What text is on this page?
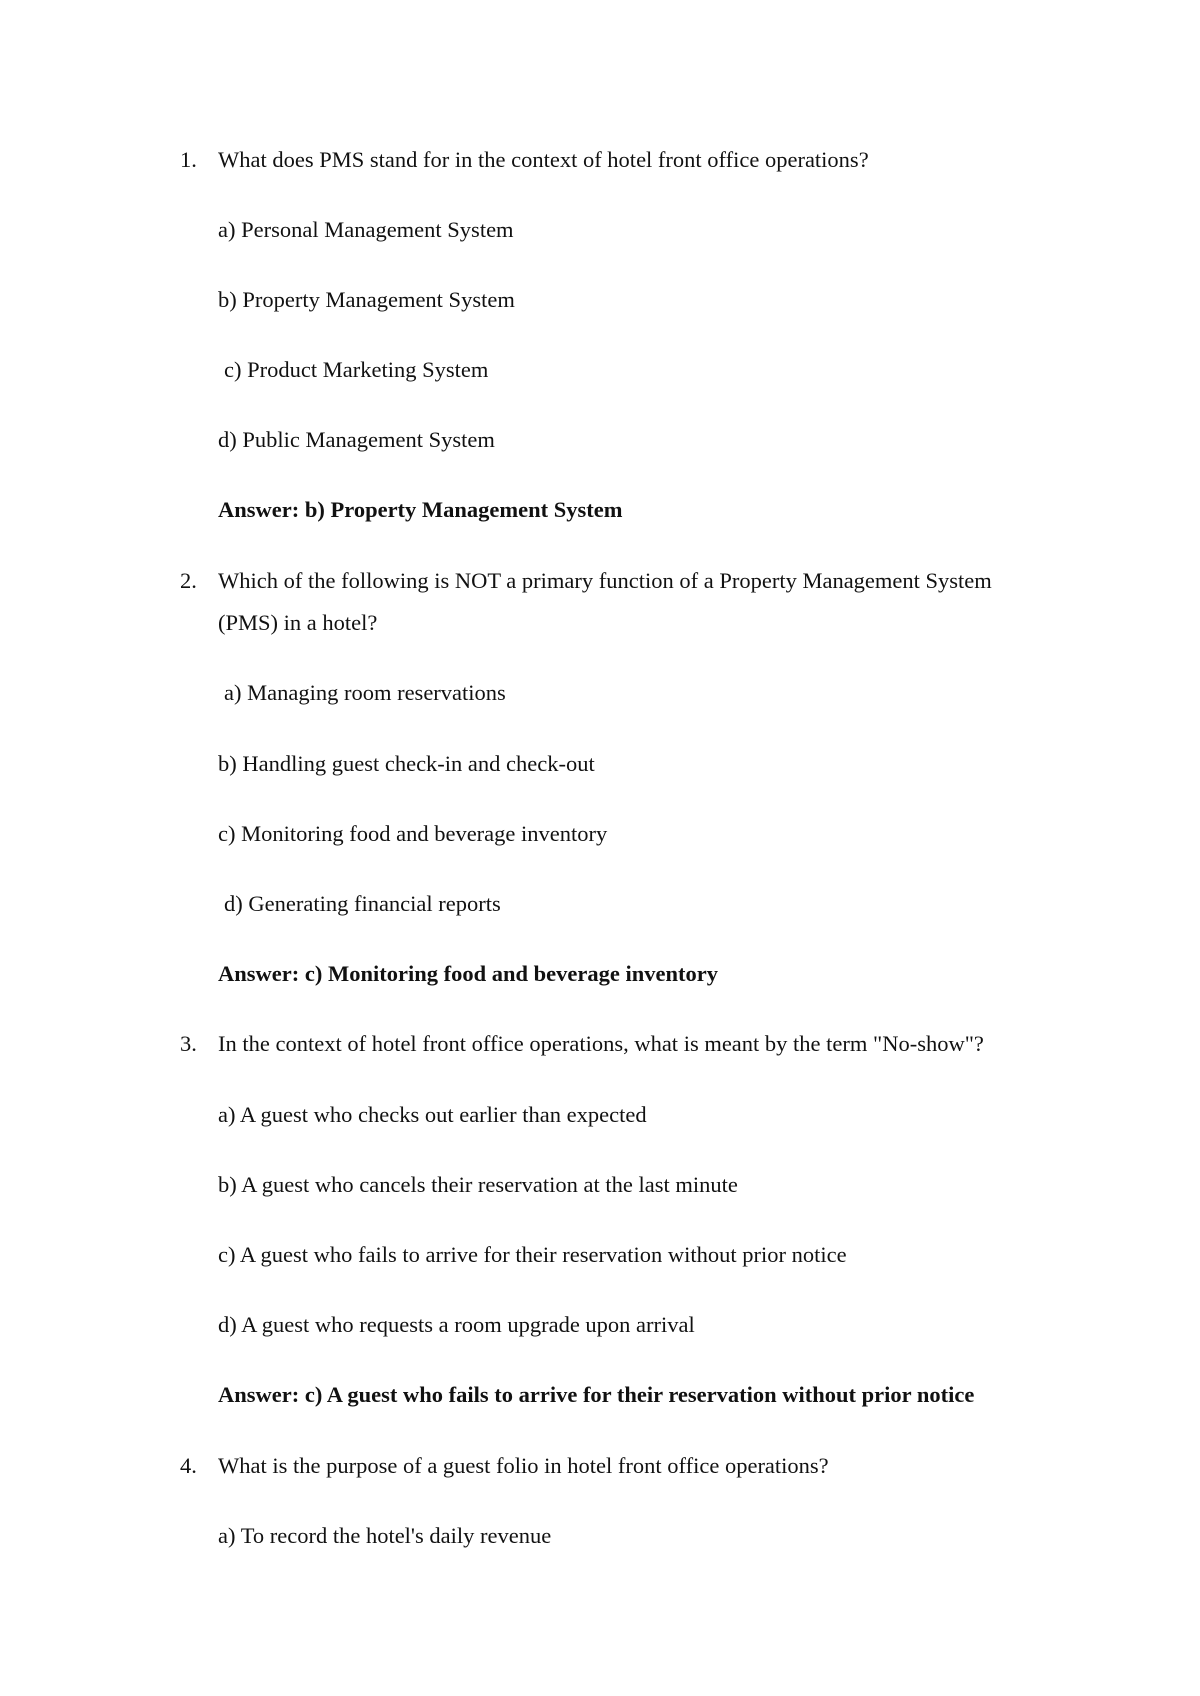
1. What does PMS stand for in the context of hotel front office operations?
a) Personal Management System
b) Property Management System
c) Product Marketing System
d) Public Management System
Answer: b) Property Management System
2. Which of the following is NOT a primary function of a Property Management System
(PMS) in a hotel?
a) Managing room reservations
b) Handling guest check-in and check-out
c) Monitoring food and beverage inventory
d) Generating financial reports
Answer: c) Monitoring food and beverage inventory
3. In the context of hotel front office operations, what is meant by the term "No-show"?
a) A guest who checks out earlier than expected
b) A guest who cancels their reservation at the last minute
c) A guest who fails to arrive for their reservation without prior notice
d) A guest who requests a room upgrade upon arrival
Answer: c) A guest who fails to arrive for their reservation without prior notice
4. What is the purpose of a guest folio in hotel front office operations?
a) To record the hotel's daily revenue
